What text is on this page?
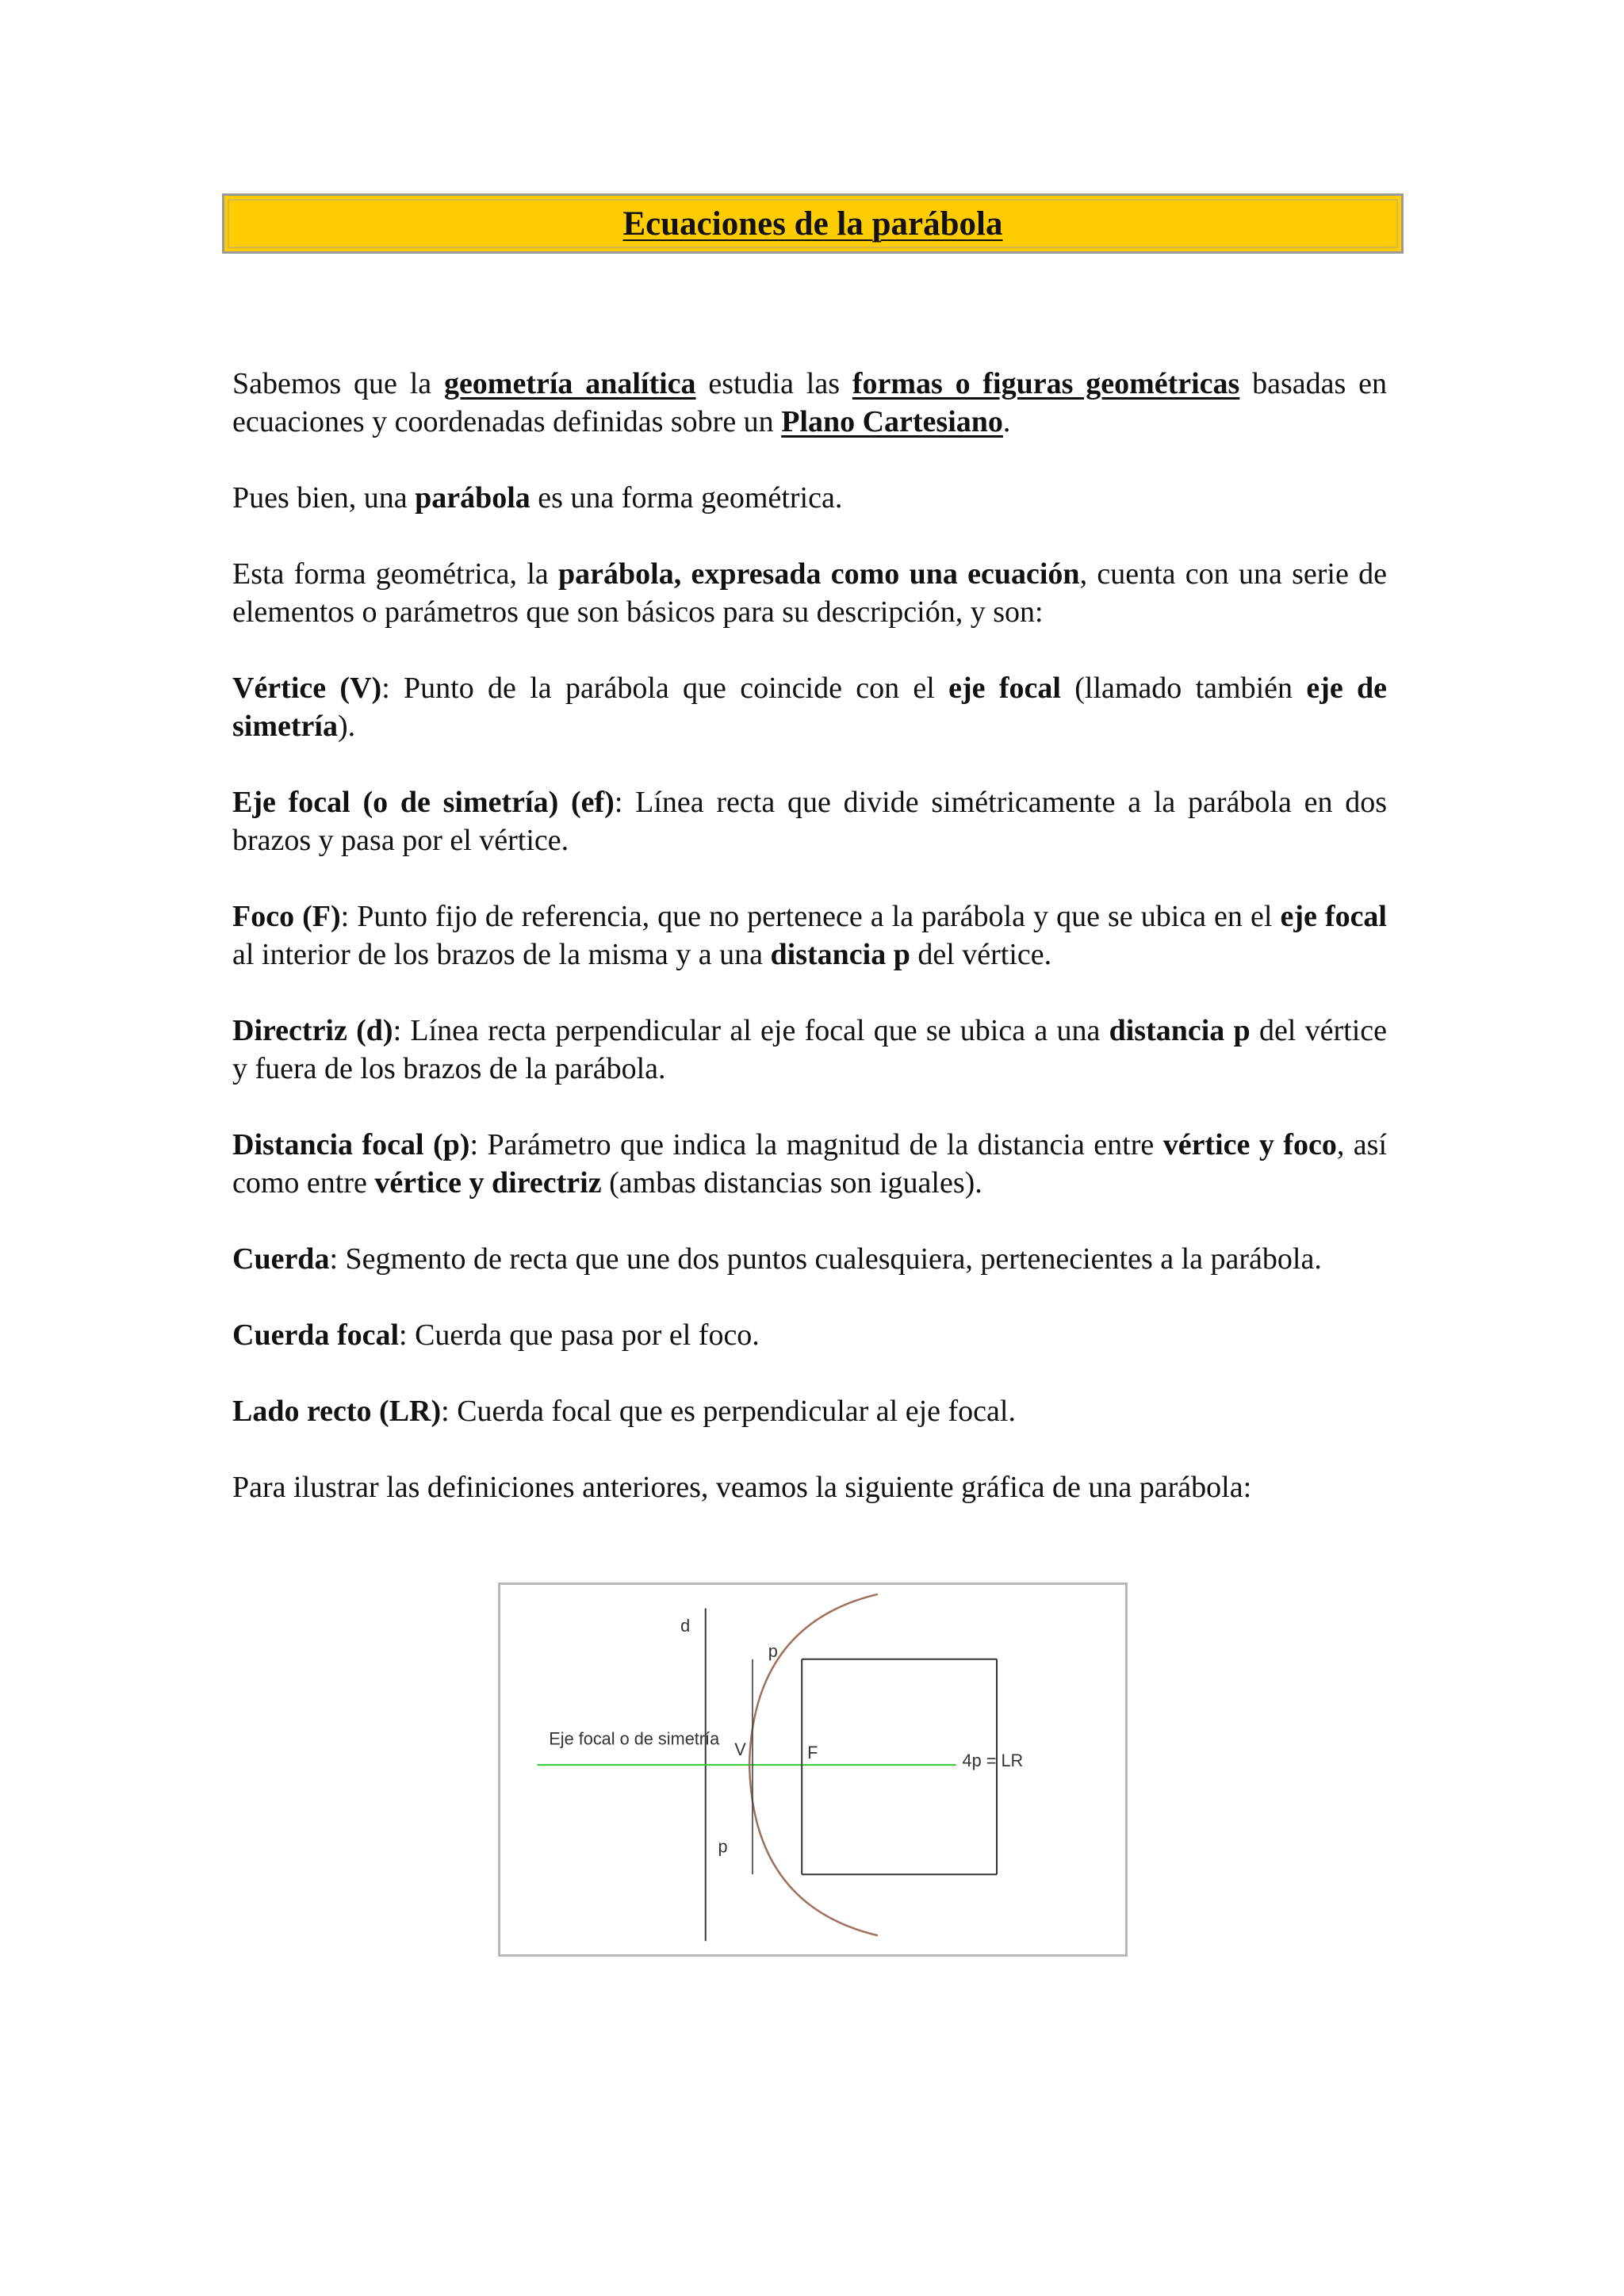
Ecuaciones de la parábola

Sabemos que la geometría analítica estudia las formas o figuras geométricas basadas en ecuaciones y coordenadas definidas sobre un Plano Cartesiano.

Pues bien, una parábola es una forma geométrica.

Esta forma geométrica, la parábola, expresada como una ecuación, cuenta con una serie de elementos o parámetros que son básicos para su descripción, y son:

Vértice (V): Punto de la parábola que coincide con el eje focal (llamado también eje de simetría).

Eje focal (o de simetría) (ef): Línea recta que divide simétricamente a la parábola en dos brazos y pasa por el vértice.

Foco (F): Punto fijo de referencia, que no pertenece a la parábola y que se ubica en el eje focal al interior de los brazos de la misma y a una distancia p del vértice.

Directriz (d): Línea recta perpendicular al eje focal que se ubica a una distancia p del vértice y fuera de los brazos de la parábola.

Distancia focal (p): Parámetro que indica la magnitud de la distancia entre vértice y foco, así como entre vértice y directriz (ambas distancias son iguales).

Cuerda: Segmento de recta que une dos puntos cualesquiera, pertenecientes a la parábola.

Cuerda focal: Cuerda que pasa por el foco.

Lado recto (LR): Cuerda focal que es perpendicular al eje focal.

Para ilustrar las definiciones anteriores, veamos la siguiente gráfica de una parábola:

d
Eje focal o de simetría
V	F	4p = LR
p
p
